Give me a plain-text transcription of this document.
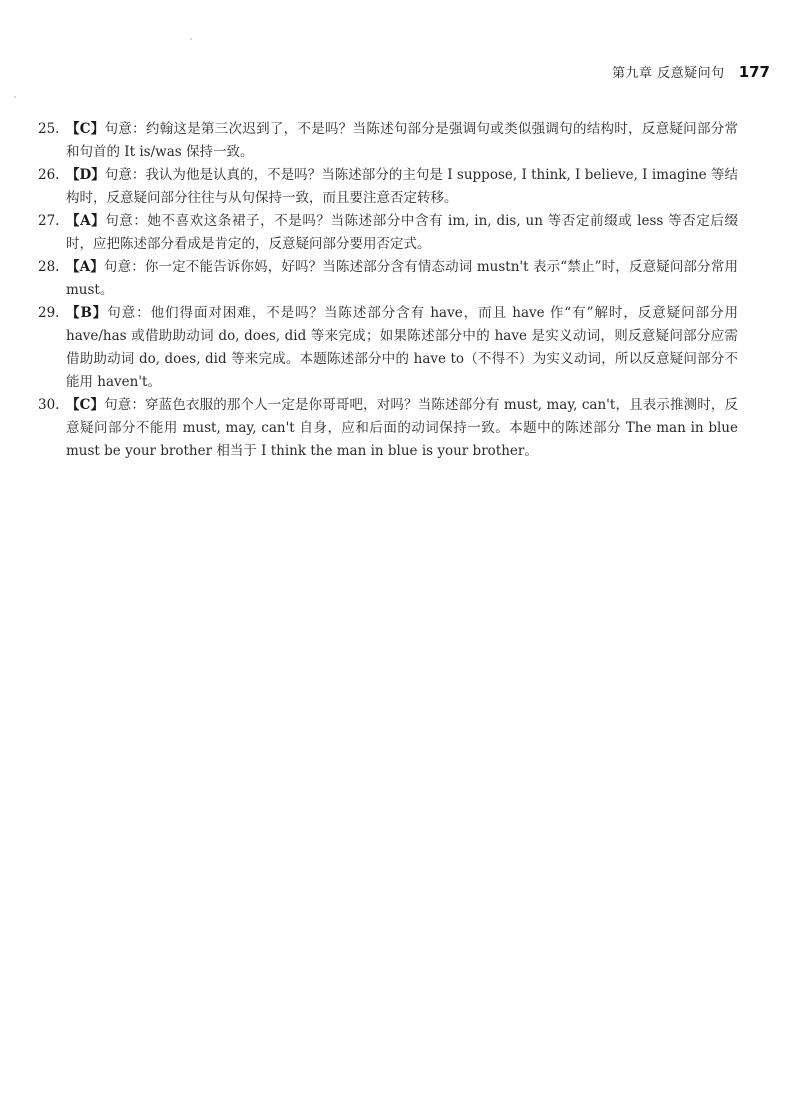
第九章 反意疑问句 177
25. 【C】句意：约翰这是第三次迟到了，不是吗？当陈述句部分是强调句或类似强调句的结构时，反意疑问部分常和句首的 It is/was 保持一致。
26. 【D】句意：我认为他是认真的，不是吗？当陈述部分的主句是 I suppose, I think, I believe, I imagine 等结构时，反意疑问部分往往与从句保持一致，而且要注意否定转移。
27. 【A】句意：她不喜欢这条裙子，不是吗？当陈述部分中含有 im, in, dis, un 等否定前缀或 less 等否定后缀时，应把陈述部分看成是肯定的，反意疑问部分要用否定式。
28. 【A】句意：你一定不能告诉你妈，好吗？当陈述部分含有情态动词 mustn't 表示“禁止”时，反意疑问部分常用 must。
29. 【B】句意：他们得面对困难，不是吗？当陈述部分含有 have，而且 have 作“有”解时，反意疑问部分用 have/has 或借助助动词 do, does, did 等来完成；如果陈述部分中的 have 是实义动词，则反意疑问部分应需借助助动词 do, does, did 等来完成。本题陈述部分中的 have to（不得不）为实义动词，所以反意疑问部分不能用 haven't。
30. 【C】句意：穿蓝色衣服的那个人一定是你哥哥吧，对吗？当陈述部分有 must, may, can't，且表示推测时，反意疑问部分不能用 must, may, can't 自身，应和后面的动词保持一致。本题中的陈述部分 The man in blue must be your brother 相当于 I think the man in blue is your brother。
